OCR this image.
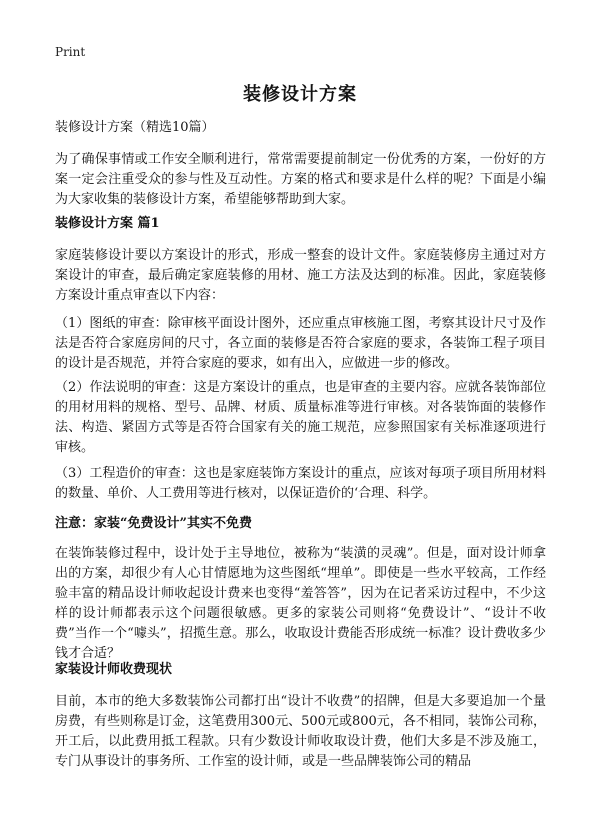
Print
装修设计方案
装修设计方案（精选10篇）
为了确保事情或工作安全顺利进行，常常需要提前制定一份优秀的方案，一份好的方案一定会注重受众的参与性及互动性。方案的格式和要求是什么样的呢？下面是小编为大家收集的装修设计方案，希望能够帮助到大家。
装修设计方案 篇1
家庭装修设计要以方案设计的形式，形成一整套的设计文件。家庭装修房主通过对方案设计的审查，最后确定家庭装修的用材、施工方法及达到的标准。因此，家庭装修方案设计重点审查以下内容：
（1）图纸的审查：除审核平面设计图外，还应重点审核施工图，考察其设计尺寸及作法是否符合家庭房间的尺寸，各立面的装修是否符合家庭的要求，各装饰工程子项目的设计是否规范，并符合家庭的要求，如有出入，应做进一步的修改。
（2）作法说明的审查：这是方案设计的重点，也是审查的主要内容。应就各装饰部位的用材用料的规格、型号、品牌、材质、质量标准等进行审核。对各装饰面的装修作法、构造、紧固方式等是否符合国家有关的施工规范，应参照国家有关标准逐项进行审核。
（3）工程造价的审查：这也是家庭装饰方案设计的重点，应该对每项子项目所用材料的数量、单价、人工费用等进行核对，以保证造价的‘合理、科学。
注意：家装“免费设计”其实不免费
在装饰装修过程中，设计处于主导地位，被称为“装潢的灵魂”。但是，面对设计师拿出的方案，却很少有人心甘情愿地为这些图纸“埋单”。即使是一些水平较高，工作经验丰富的精品设计师收起设计费来也变得“羞答答”，因为在记者采访过程中，不少这样的设计师都表示这个问题很敏感。更多的家装公司则将“免费设计”、“设计不收费”当作一个“噱头”，招揽生意。那么，收取设计费能否形成统一标准？设计费收多少钱才合适？
家装设计师收费现状
目前，本市的绝大多数装饰公司都打出“设计不收费”的招牌，但是大多要追加一个量房费，有些则称是订金，这笔费用300元、500元或800元，各不相同，装饰公司称，开工后，以此费用抵工程款。只有少数设计师收取设计费，他们大多是不涉及施工，专门从事设计的事务所、工作室的设计师，或是一些品牌装饰公司的精品
